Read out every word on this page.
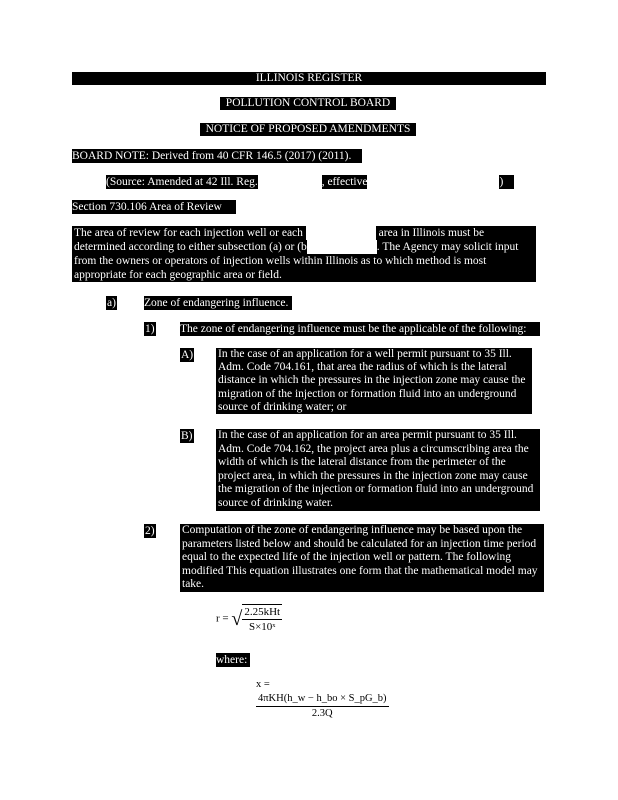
ILLINOIS REGISTER
POLLUTION CONTROL BOARD
NOTICE OF PROPOSED AMENDMENTS
BOARD NOTE: Derived from 40 CFR 146.5 (2017) (2011).
(Source: Amended at 42 Ill. Reg.	, effective	)
Section 730.106 Area of Review
The area of review for each injection well or each	area in Illinois must be determined according to either subsection (a) or (b	. The Agency may solicit input from the owners or operators of injection wells within Illinois as to which method is most appropriate for each geographic area or field.
a) Zone of endangering influence.
1) The zone of endangering influence must be the applicable of the following:
A) In the case of an application for a well permit pursuant to 35 Ill. Adm. Code 704.161, that area the radius of which is the lateral distance in which the pressures in the injection zone may cause the migration of the injection or formation fluid into an underground source of drinking water; or
B) In the case of an application for an area permit pursuant to 35 Ill. Adm. Code 704.162, the project area plus a circumscribing area the width of which is the lateral distance from the perimeter of the project area, in which the pressures in the injection zone may cause the migration of the injection or formation fluid into an underground source of drinking water.
2) Computation of the zone of endangering influence may be based upon the parameters listed below and should be calculated for an injection time period equal to the expected life of the injection well or pattern. The following modified This equation illustrates one form that the mathematical model may take.
r = √ $\frac{\text{2.25kHt}}{\text{S×10ˣ}}$
where:
x =
$\frac{\text{4πKH(h\_w − h\_bo × S\_pG\_b)}}{2.3Q}$
